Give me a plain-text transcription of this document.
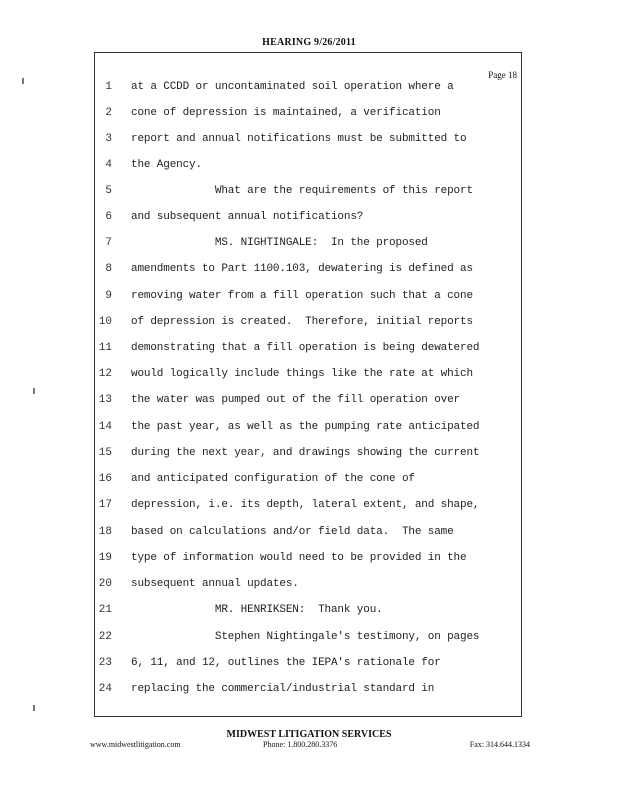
HEARING 9/26/2011
Page 18
1 at a CCDD or uncontaminated soil operation where a
2 cone of depression is maintained, a verification
3 report and annual notifications must be submitted to
4 the Agency.
5 What are the requirements of this report
6 and subsequent annual notifications?
7 MS. NIGHTINGALE:  In the proposed
8 amendments to Part 1100.103, dewatering is defined as
9 removing water from a fill operation such that a cone
10 of depression is created.  Therefore, initial reports
11 demonstrating that a fill operation is being dewatered
12 would logically include things like the rate at which
13 the water was pumped out of the fill operation over
14 the past year, as well as the pumping rate anticipated
15 during the next year, and drawings showing the current
16 and anticipated configuration of the cone of
17 depression, i.e. its depth, lateral extent, and shape,
18 based on calculations and/or field data.  The same
19 type of information would need to be provided in the
20 subsequent annual updates.
21 MR. HENRIKSEN:  Thank you.
22 Stephen Nightingale's testimony, on pages
23 6, 11, and 12, outlines the IEPA's rationale for
24 replacing the commercial/industrial standard in
MIDWEST LITIGATION SERVICES
www.midwestlitigation.com	Phone: 1.800.280.3376	Fax: 314.644.1334
